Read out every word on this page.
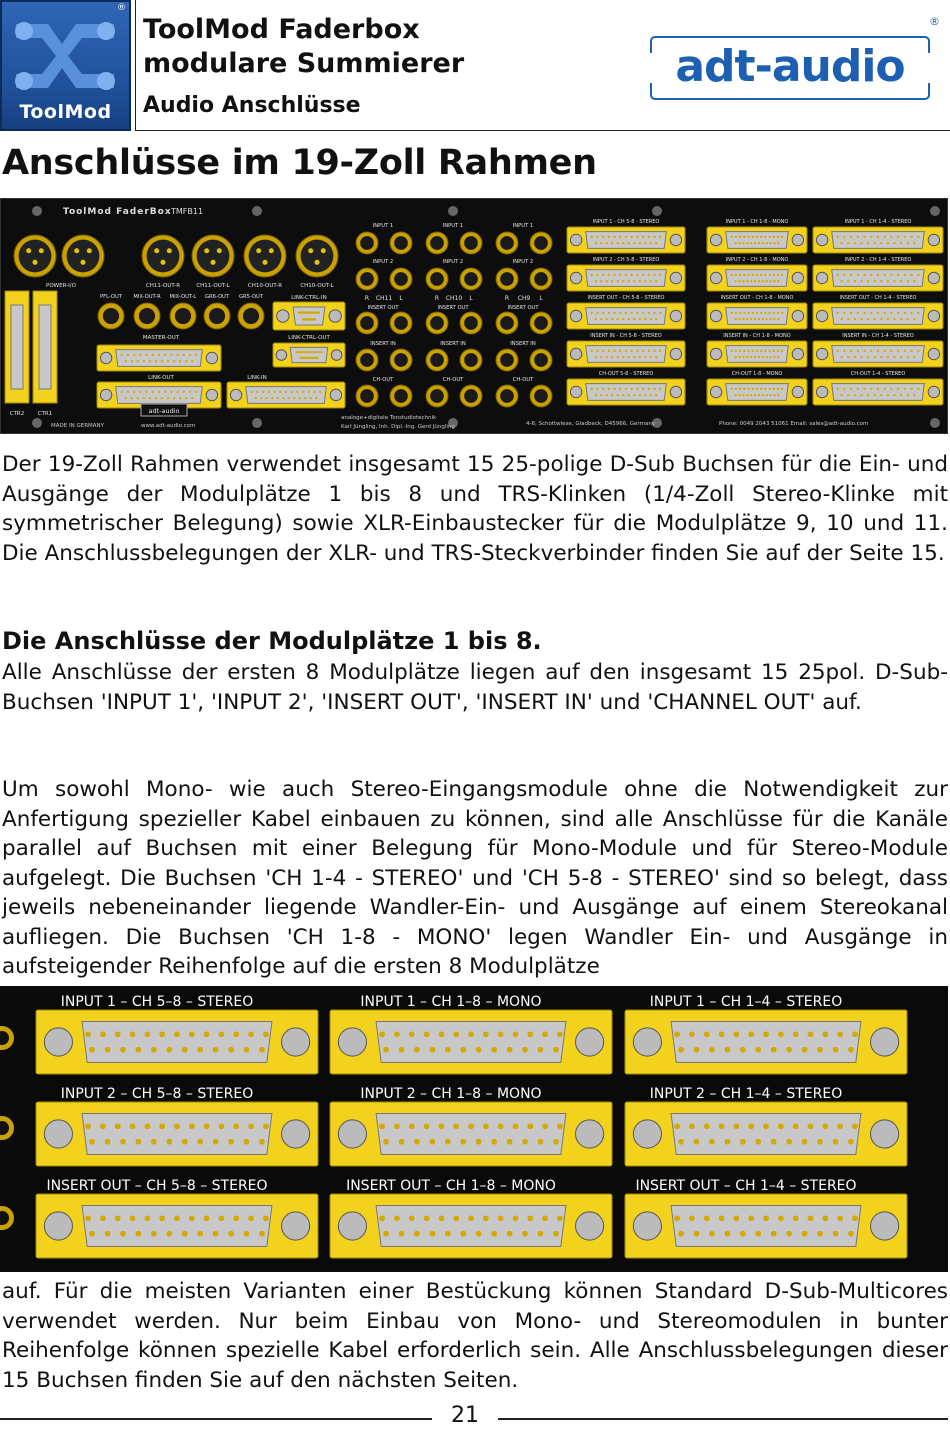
®
ToolMod
ToolMod Faderbox
modulare Summierer
Audio Anschlüsse
adt-audio
®
Anschlüsse im 19-Zoll Rahmen
ToolMod FaderBox TMFB11
POWER-I/O	CH11-OUT-R	CH11-OUT-L	CH10-OUT-R	CH10-OUT-L
PFL-OUT MIX-OUT-R MIX-OUT-L GR6-OUT GR5-OUT
CTR2 CTR1
LINK-CTRL-IN
LINK-CTRL-OUT
MASTER-OUT
LINK-OUT	LINK-IN
adt-audio
INPUT 1
INPUT 2
R CH11 L
INSERT OUT
INSERT IN
CH-OUT
INPUT 1
INPUT 2
R CH10 L
INSERT OUT
INSERT IN
CH-OUT
INPUT 1
INPUT 2
R CH9 L
INSERT OUT
INSERT IN
CH-OUT
INPUT 1 - CH 5-8 - STEREO	INPUT 1 - CH 1-8 - MONO	INPUT 1 - CH 1-4 - STEREO
INPUT 2 - CH 5-8 - STEREO	INPUT 2 - CH 1-8 - MONO	INPUT 2 - CH 1-4 - STEREO
INSERT OUT - CH 5-8 - STEREO	INSERT OUT - CH 1-8 - MONO	INSERT OUT - CH 1-4 - STEREO
INSERT IN - CH 5-8 - STEREO	INSERT IN - CH 1-8 - MONO	INSERT IN - CH 1-4 - STEREO
CH-OUT 5-8 - STEREO	CH-OUT 1-8 - MONO	CH-OUT 1-4 - STEREO
MADE IN GERMANY	www.adt-audio.com
analoge+digitale Tonstudiotechnik
Karl Jüngling, Inh. Dipl.-Ing. Gerd Jüngling	4-6, Schottwiese, Gladbeck, D45966, Germany	Phone: 0049 2043 51061 Email: sales@adt-audio.com
Der 19-Zoll Rahmen verwendet insgesamt 15 25-polige D-Sub Buchsen für die Ein- und Ausgänge der Modulplätze 1 bis 8 und TRS-Klinken (1/4-Zoll Stereo-Klinke mit symmetrischer Belegung) sowie XLR-Einbaustecker für die Modulplätze 9, 10 und 11. Die Anschlussbelegungen der XLR- und TRS-Steckverbinder finden Sie auf der Seite 15.
Die Anschlüsse der Modulplätze 1 bis 8.
Alle Anschlüsse der ersten 8 Modulplätze liegen auf den insgesamt 15 25pol. D-Sub-Buchsen 'INPUT 1', 'INPUT 2', 'INSERT OUT', 'INSERT IN' und 'CHANNEL OUT' auf.
Um sowohl Mono- wie auch Stereo-Eingangsmodule ohne die Notwendigkeit zur Anfertigung spezieller Kabel einbauen zu können, sind alle Anschlüsse für die Kanäle parallel auf Buchsen mit einer Belegung für Mono-Module und für Stereo-Module aufgelegt. Die Buchsen 'CH 1-4 - STEREO' und 'CH 5-8 - STEREO' sind so belegt, dass jeweils nebeneinander liegende Wandler-Ein- und Ausgänge auf einem Stereokanal aufliegen. Die Buchsen 'CH 1-8 - MONO' legen Wandler Ein- und Ausgänge in aufsteigender Reihenfolge auf die ersten 8 Modulplätze
INPUT 1 – CH 5–8 – STEREO	INPUT 1 – CH 1–8 – MONO	INPUT 1 – CH 1–4 – STEREO
INPUT 2 – CH 5–8 – STEREO	INPUT 2 – CH 1–8 – MONO	INPUT 2 – CH 1–4 – STEREO
INSERT OUT – CH 5–8 – STEREO	INSERT OUT – CH 1–8 – MONO	INSERT OUT – CH 1–4 – STEREO
auf. Für die meisten Varianten einer Bestückung können Standard D-Sub-Multicores verwendet werden. Nur beim Einbau von Mono- und Stereomodulen in bunter Reihenfolge können spezielle Kabel erforderlich sein. Alle Anschlussbelegungen dieser 15 Buchsen finden Sie auf den nächsten Seiten.
21
